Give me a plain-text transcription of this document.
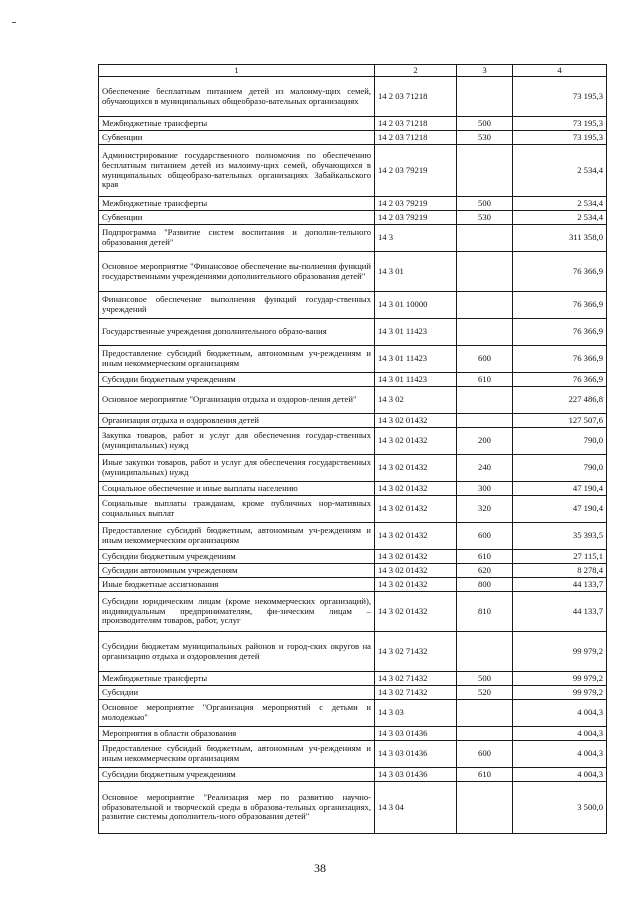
1	2	3	4
Обеспечение бесплатным питанием детей из малоиму-щих семей, обучающихся в муниципальных общеобразо-вательных организациях	14 2 03 71218		73 195,3
Межбюджетные трансферты	14 2 03 71218	500	73 195,3
Субвенции	14 2 03 71218	530	73 195,3
Администрирование государственного полномочия по обеспечению бесплатным питанием детей из малоиму-щих семей, обучающихся в муниципальных общеобразо-вательных организациях Забайкальского края	14 2 03 79219		2 534,4
Межбюджетные трансферты	14 2 03 79219	500	2 534,4
Субвенции	14 2 03 79219	530	2 534,4
Подпрограмма "Развитие систем воспитания и дополни-тельного образования детей"	14 3		311 358,0
Основное мероприятие "Финансовое обеспечение вы-полнения функций государственными учреждениями дополнительного образования детей"	14 3 01		76 366,9
Финансовое обеспечение выполнения функций государ-ственных учреждений	14 3 01 10000		76 366,9
Государственные учреждения дополнительного образо-вания	14 3 01 11423		76 366,9
Предоставление субсидий бюджетным, автономным уч-реждениям и иным некоммерческим организациям	14 3 01 11423	600	76 366,9
Субсидии бюджетным учреждениям	14 3 01 11423	610	76 366,9
Основное мероприятие "Организация отдыха и оздоров-ления детей"	14 3 02		227 486,8
Организация отдыха и оздоровления детей	14 3 02 01432		127 507,6
Закупка товаров, работ и услуг для обеспечения государ-ственных (муниципальных) нужд	14 3 02 01432	200	790,0
Иные закупки товаров, работ и услуг для обеспечения государственных (муниципальных) нужд	14 3 02 01432	240	790,0
Социальное обеспечение и иные выплаты населению	14 3 02 01432	300	47 190,4
Социальные выплаты гражданам, кроме публичных нор-мативных социальных выплат	14 3 02 01432	320	47 190,4
Предоставление субсидий бюджетным, автономным уч-реждениям и иным некоммерческим организациям	14 3 02 01432	600	35 393,5
Субсидии бюджетным учреждениям	14 3 02 01432	610	27 115,1
Субсидии автономным учреждениям	14 3 02 01432	620	8 278,4
Иные бюджетные ассигнования	14 3 02 01432	800	44 133,7
Субсидии юридическим лицам (кроме некоммерческих организаций), индивидуальным предпринимателям, фи-зическим лицам – производителям товаров, работ, услуг	14 3 02 01432	810	44 133,7
Субсидии бюджетам муниципальных районов и город-ских округов на организацию отдыха и оздоровления детей	14 3 02 71432		99 979,2
Межбюджетные трансферты	14 3 02 71432	500	99 979,2
Субсидии	14 3 02 71432	520	99 979,2
Основное мероприятие "Организация мероприятий с детьми и молодежью"	14 3 03		4 004,3
Мероприятия в области образования	14 3 03 01436		4 004,3
Предоставление субсидий бюджетным, автономным уч-реждениям и иным некоммерческим организациям	14 3 03 01436	600	4 004,3
Субсидии бюджетным учреждениям	14 3 03 01436	610	4 004,3
Основное мероприятие "Реализация мер по развитию научно-образовательной и творческой среды в образова-тельных организациях, развитие системы дополнитель-ного образования детей"	14 3 04		3 500,0
38
